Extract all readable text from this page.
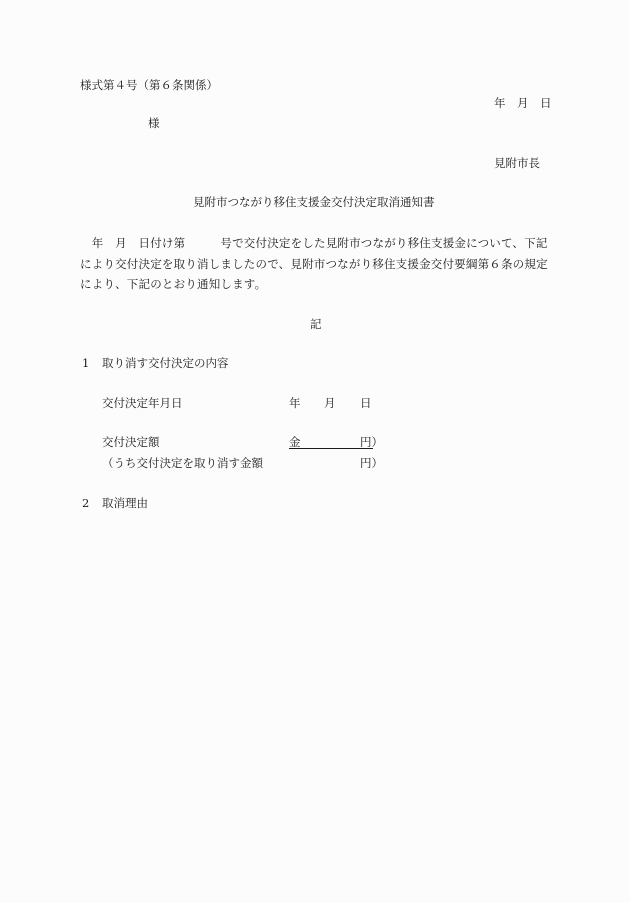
様式第４号（第６条関係）
年 月 日
様
見附市長
見附市つながり移住支援金交付決定取消通知書
　年　月　日付け第　　　号で交付決定をした見附市つながり移住支援金について、下記
により交付決定を取り消しましたので、見附市つながり移住支援金交付要綱第６条の規定
により、下記のとおり通知します。
記
1 取り消す交付決定の内容
交付決定年月日	年 月 日
交付決定額	金	円）
（うち交付決定を取り消す金額	円）
2 取消理由
